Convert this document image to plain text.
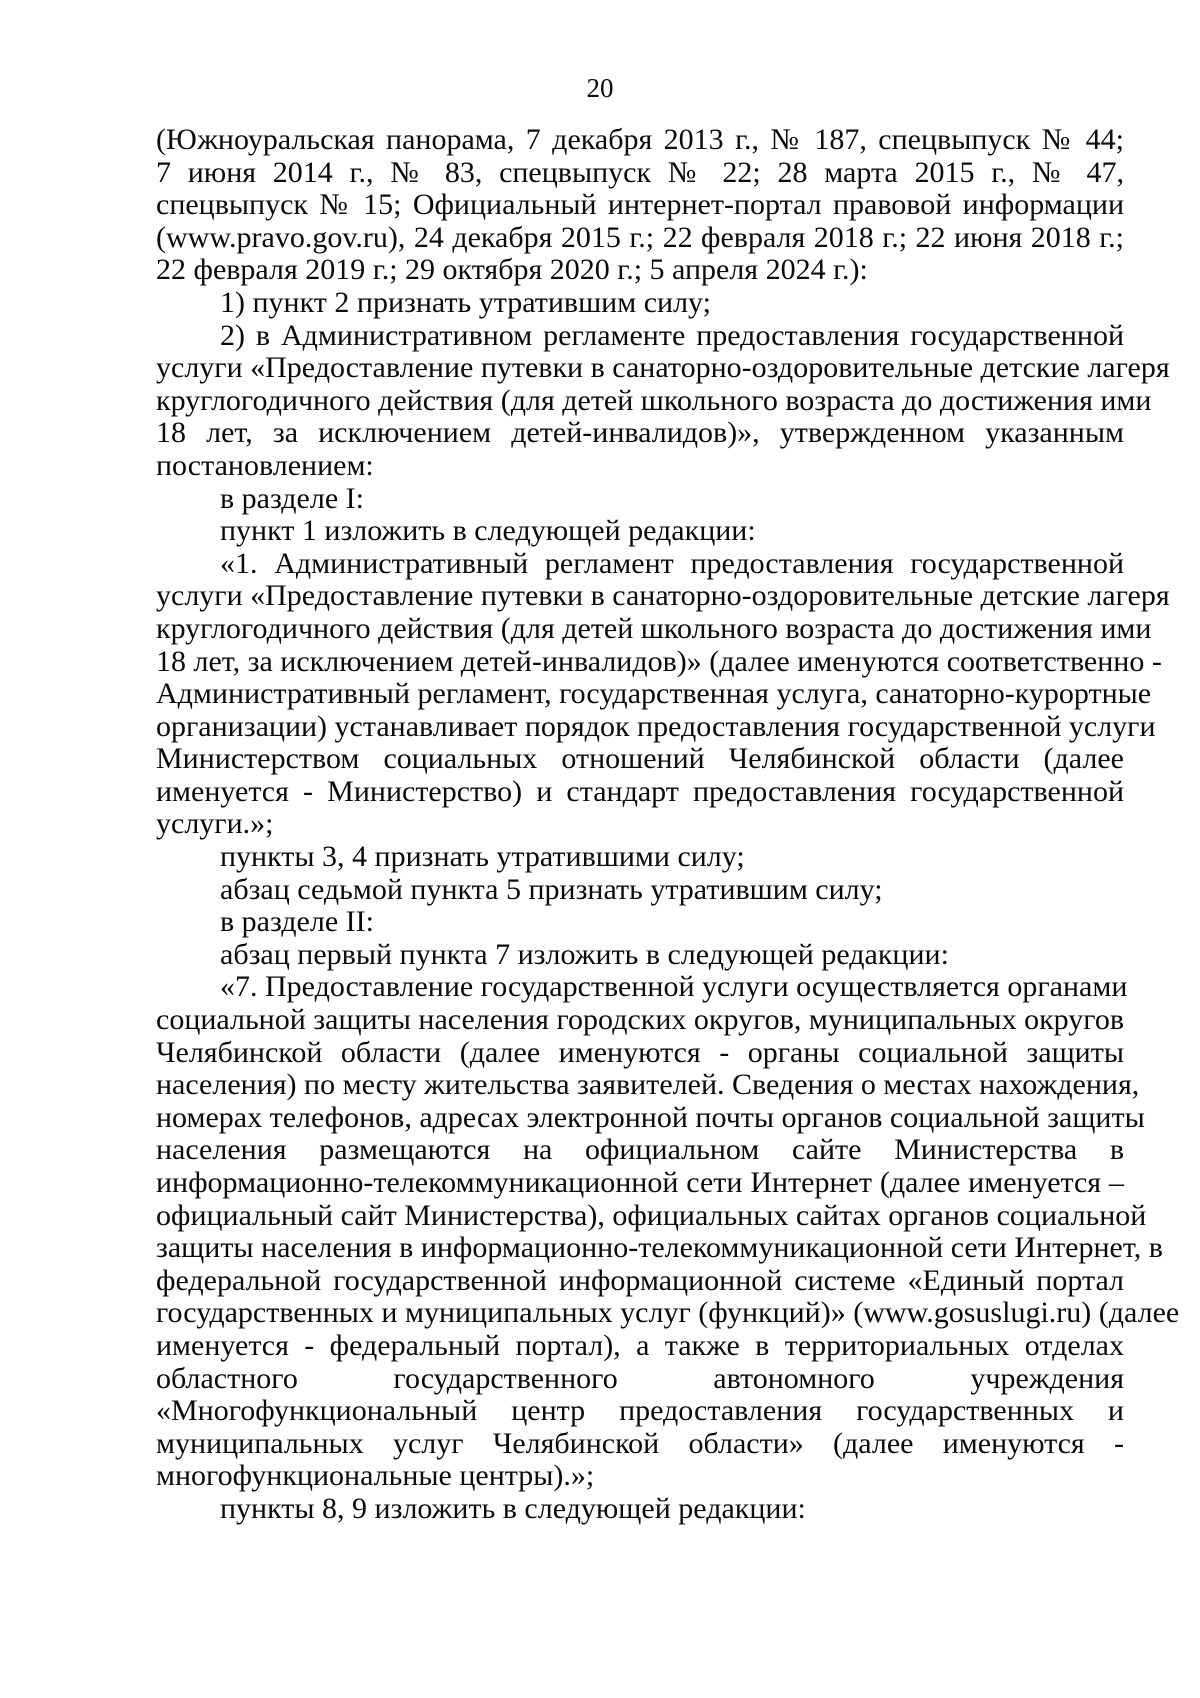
20
(Южноуральская панорама, 7 декабря 2013 г., № 187, спецвыпуск № 44;
7 июня 2014 г., № 83, спецвыпуск № 22; 28 марта 2015 г., № 47,
спецвыпуск № 15; Официальный интернет-портал правовой информации
(www.pravo.gov.ru), 24 декабря 2015 г.; 22 февраля 2018 г.; 22 июня 2018 г.;
22 февраля 2019 г.; 29 октября 2020 г.; 5 апреля 2024 г.):
1) пункт 2 признать утратившим силу;
2) в Административном регламенте предоставления государственной
услуги «Предоставление путевки в санаторно-оздоровительные детские лагеря
круглогодичного действия (для детей школьного возраста до достижения ими
18 лет, за исключением детей-инвалидов)», утвержденном указанным
постановлением:
в разделе I:
пункт 1 изложить в следующей редакции:
«1. Административный регламент предоставления государственной
услуги «Предоставление путевки в санаторно-оздоровительные детские лагеря
круглогодичного действия (для детей школьного возраста до достижения ими
18 лет, за исключением детей-инвалидов)» (далее именуются соответственно -
Административный регламент, государственная услуга, санаторно-курортные
организации) устанавливает порядок предоставления государственной услуги
Министерством социальных отношений Челябинской области (далее
именуется - Министерство) и стандарт предоставления государственной
услуги.»;
пункты 3, 4 признать утратившими силу;
абзац седьмой пункта 5 признать утратившим силу;
в разделе II:
абзац первый пункта 7 изложить в следующей редакции:
«7. Предоставление государственной услуги осуществляется органами
социальной защиты населения городских округов, муниципальных округов
Челябинской области (далее именуются - органы социальной защиты
населения) по месту жительства заявителей. Сведения о местах нахождения,
номерах телефонов, адресах электронной почты органов социальной защиты
населения размещаются на официальном сайте Министерства в
информационно-телекоммуникационной сети Интернет (далее именуется –
официальный сайт Министерства), официальных сайтах органов социальной
защиты населения в информационно-телекоммуникационной сети Интернет, в
федеральной государственной информационной системе «Единый портал
государственных и муниципальных услуг (функций)» (www.gosuslugi.ru) (далее
именуется - федеральный портал), а также в территориальных отделах
областного государственного автономного учреждения
«Многофункциональный центр предоставления государственных и
муниципальных услуг Челябинской области» (далее именуются -
многофункциональные центры).»;
пункты 8, 9 изложить в следующей редакции:
